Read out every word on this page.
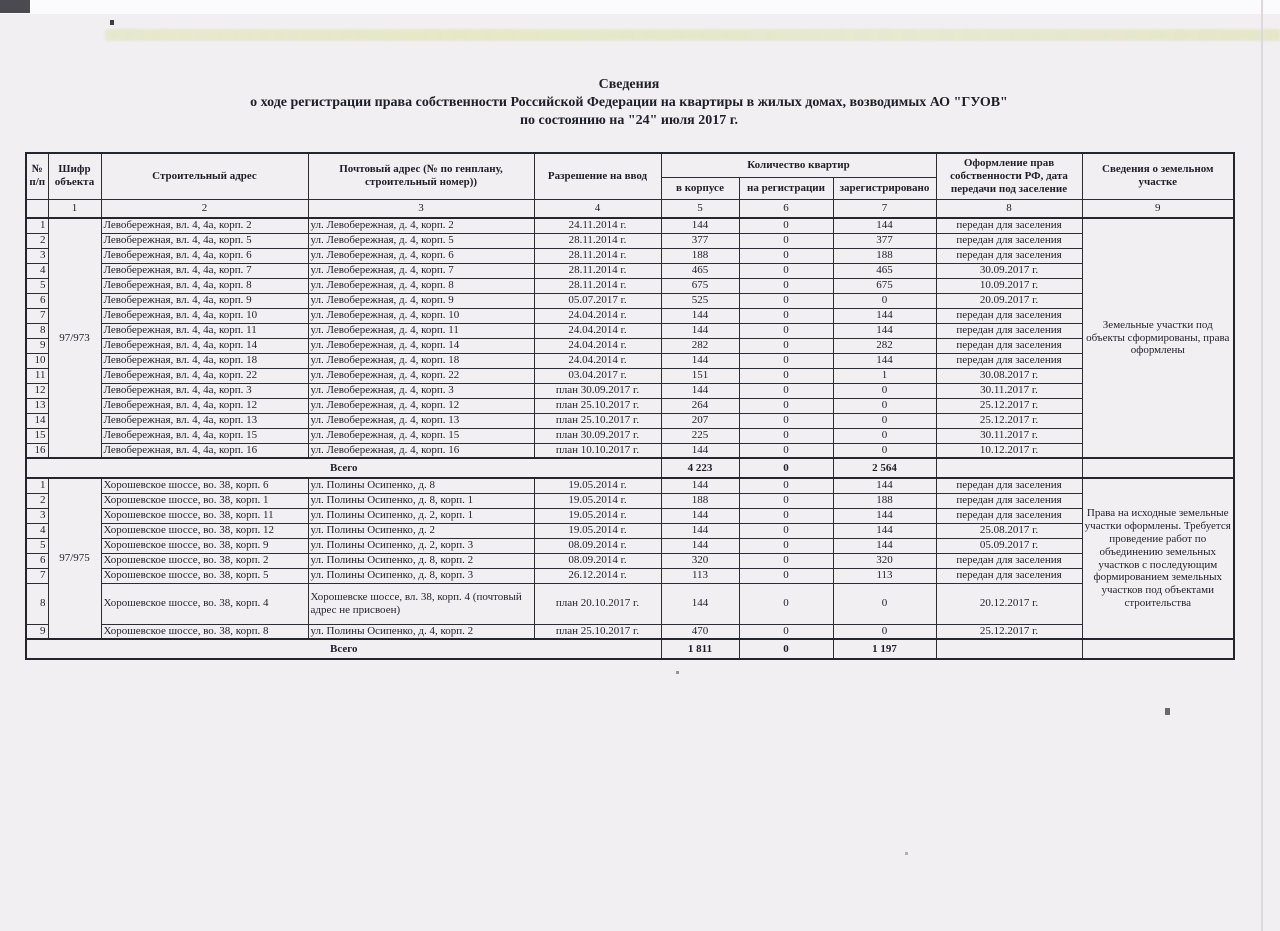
Сведения
о ходе регистрации права собственности Российской Федерации на квартиры в жилых домах, возводимых АО "ГУОВ"
по состоянию на "24" июля 2017 г.
№ п/п	Шифр объекта	Строительный адрес	Почтовый адрес (№ по генплану, строительный номер))	Разрешение на ввод	Количество квартир			Оформление прав собственности РФ, дата передачи под заселение	Сведения о земельном участке
					в корпусе	на регистрации	зарегистрировано		
	1	2	3	4	5	6	7	8	9
1	97/973	Левобережная, вл. 4, 4а, корп. 2	ул. Левобережная, д. 4, корп. 2	24.11.2014 г.	144	0	144	передан для заселения	Земельные участки под объекты сформированы, права оформлены
2		Левобережная, вл. 4, 4а, корп. 5	ул. Левобережная, д. 4, корп. 5	28.11.2014 г.	377	0	377	передан для заселения	
3		Левобережная, вл. 4, 4а, корп. 6	ул. Левобережная, д. 4, корп. 6	28.11.2014 г.	188	0	188	передан для заселения	
4		Левобережная, вл. 4, 4а, корп. 7	ул. Левобережная, д. 4, корп. 7	28.11.2014 г.	465	0	465	30.09.2017 г.	
5		Левобережная, вл. 4, 4а, корп. 8	ул. Левобережная, д. 4, корп. 8	28.11.2014 г.	675	0	675	10.09.2017 г.	
6		Левобережная, вл. 4, 4а, корп. 9	ул. Левобережная, д. 4, корп. 9	05.07.2017 г.	525	0	0	20.09.2017 г.	
7		Левобережная, вл. 4, 4а, корп. 10	ул. Левобережная, д. 4, корп. 10	24.04.2014 г.	144	0	144	передан для заселения	
8		Левобережная, вл. 4, 4а, корп. 11	ул. Левобережная, д. 4, корп. 11	24.04.2014 г.	144	0	144	передан для заселения	
9		Левобережная, вл. 4, 4а, корп. 14	ул. Левобережная, д. 4, корп. 14	24.04.2014 г.	282	0	282	передан для заселения	
10		Левобережная, вл. 4, 4а, корп. 18	ул. Левобережная, д. 4, корп. 18	24.04.2014 г.	144	0	144	передан для заселения	
11		Левобережная, вл. 4, 4а, корп. 22	ул. Левобережная, д. 4, корп. 22	03.04.2017 г.	151	0	1	30.08.2017 г.	
12		Левобережная, вл. 4, 4а, корп. 3	ул. Левобережная, д. 4, корп. 3	план 30.09.2017 г.	144	0	0	30.11.2017 г.	
13		Левобережная, вл. 4, 4а, корп. 12	ул. Левобережная, д. 4, корп. 12	план 25.10.2017 г.	264	0	0	25.12.2017 г.	
14		Левобережная, вл. 4, 4а, корп. 13	ул. Левобережная, д. 4, корп. 13	план 25.10.2017 г.	207	0	0	25.12.2017 г.	
15		Левобережная, вл. 4, 4а, корп. 15	ул. Левобережная, д. 4, корп. 15	план 30.09.2017 г.	225	0	0	30.11.2017 г.	
16		Левобережная, вл. 4, 4а, корп. 16	ул. Левобережная, д. 4, корп. 16	план 10.10.2017 г.	144	0	0	10.12.2017 г.	
Всего					4 223	0	2 564		
1	97/975	Хорошевское шоссе, во. 38, корп. 6	ул. Полины Осипенко, д. 8	19.05.2014 г.	144	0	144	передан для заселения	Права на исходные земельные участки оформлены. Требуется проведение работ по объединению земельных участков с последующим формированием земельных участков под объектами строительства
2		Хорошевское шоссе, во. 38, корп. 1	ул. Полины Осипенко, д. 8, корп. 1	19.05.2014 г.	188	0	188	передан для заселения	
3		Хорошевское шоссе, во. 38, корп. 11	ул. Полины Осипенко, д. 2, корп. 1	19.05.2014 г.	144	0	144	передан для заселения	
4		Хорошевское шоссе, во. 38, корп. 12	ул. Полины Осипенко, д. 2	19.05.2014 г.	144	0	144	25.08.2017 г.	
5		Хорошевское шоссе, во. 38, корп. 9	ул. Полины Осипенко, д. 2, корп. 3	08.09.2014 г.	144	0	144	05.09.2017 г.	
6		Хорошевское шоссе, во. 38, корп. 2	ул. Полины Осипенко, д. 8, корп. 2	08.09.2014 г.	320	0	320	передан для заселения	
7		Хорошевское шоссе, во. 38, корп. 5	ул. Полины Осипенко, д. 8, корп. 3	26.12.2014 г.	113	0	113	передан для заселения	
8		Хорошевское шоссе, во. 38, корп. 4	Хорошевске шоссе, вл. 38, корп. 4 (почтовый адрес не присвоен)	план 20.10.2017 г.	144	0	0	20.12.2017 г.	
9		Хорошевское шоссе, во. 38, корп. 8	ул. Полины Осипенко, д. 4, корп. 2	план 25.10.2017 г.	470	0	0	25.12.2017 г.	
Всего					1 811	0	1 197		
